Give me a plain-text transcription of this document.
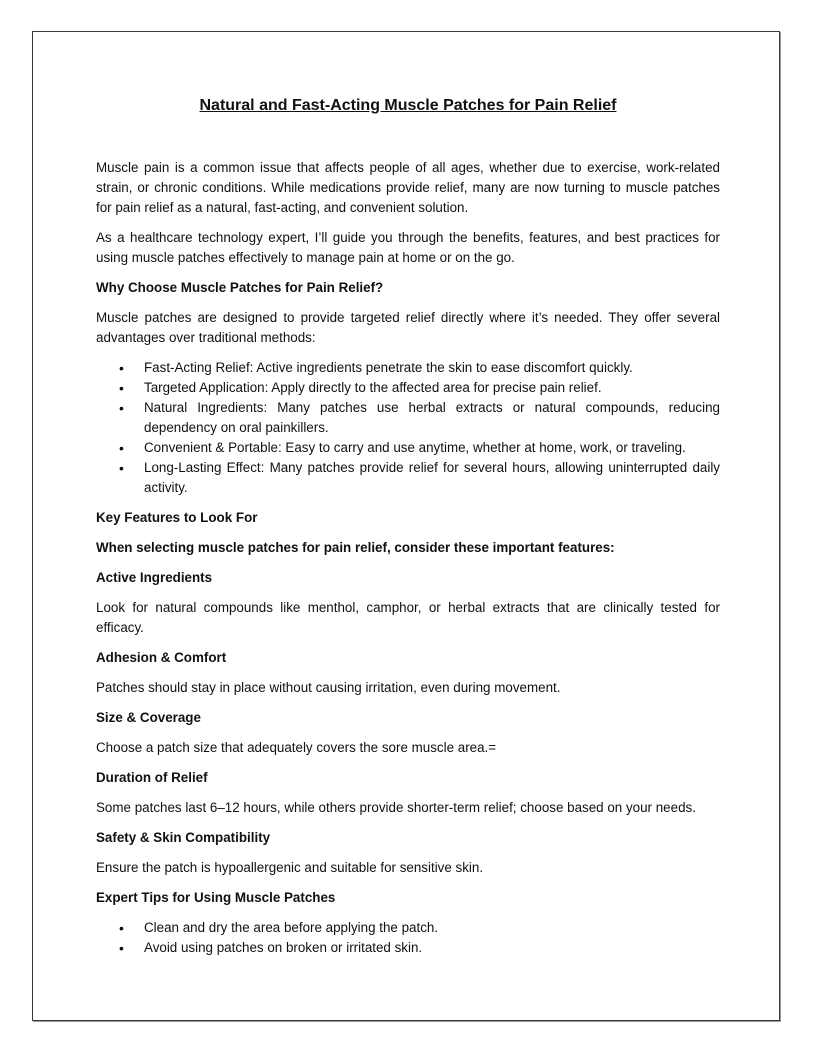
Natural and Fast-Acting Muscle Patches for Pain Relief

Muscle pain is a common issue that affects people of all ages, whether due to exercise, work-related strain, or chronic conditions. While medications provide relief, many are now turning to muscle patches for pain relief as a natural, fast-acting, and convenient solution.

As a healthcare technology expert, I’ll guide you through the benefits, features, and best practices for using muscle patches effectively to manage pain at home or on the go.

Why Choose Muscle Patches for Pain Relief?

Muscle patches are designed to provide targeted relief directly where it’s needed. They offer several advantages over traditional methods:

• Fast-Acting Relief: Active ingredients penetrate the skin to ease discomfort quickly.
• Targeted Application: Apply directly to the affected area for precise pain relief.
• Natural Ingredients: Many patches use herbal extracts or natural compounds, reducing dependency on oral painkillers.
• Convenient & Portable: Easy to carry and use anytime, whether at home, work, or traveling.
• Long-Lasting Effect: Many patches provide relief for several hours, allowing uninterrupted daily activity.

Key Features to Look For

When selecting muscle patches for pain relief, consider these important features:

Active Ingredients

Look for natural compounds like menthol, camphor, or herbal extracts that are clinically tested for efficacy.

Adhesion & Comfort

Patches should stay in place without causing irritation, even during movement.

Size & Coverage

Choose a patch size that adequately covers the sore muscle area.=

Duration of Relief

Some patches last 6–12 hours, while others provide shorter-term relief; choose based on your needs.

Safety & Skin Compatibility

Ensure the patch is hypoallergenic and suitable for sensitive skin.

Expert Tips for Using Muscle Patches

• Clean and dry the area before applying the patch.
• Avoid using patches on broken or irritated skin.
